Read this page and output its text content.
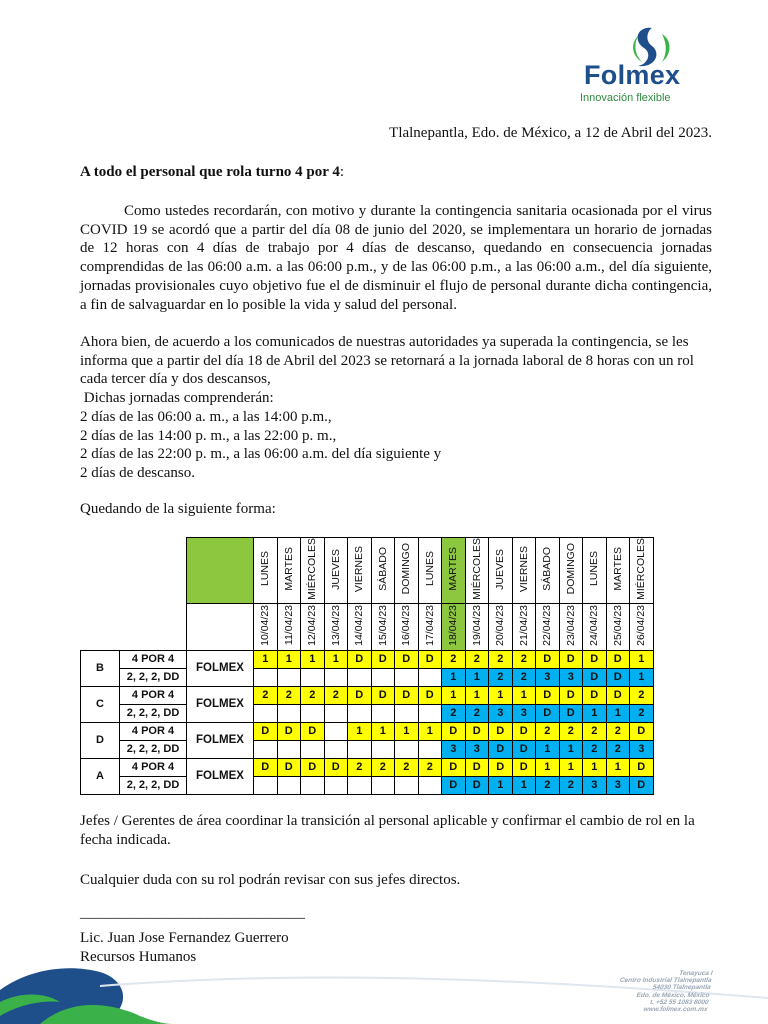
Folmex
Innovación flexible
Tlalnepantla, Edo. de México, a 12 de Abril del 2023.
A todo el personal que rola turno 4 por 4:
Como ustedes recordarán, con motivo y durante la contingencia sanitaria ocasionada por el virus COVID 19 se acordó que a partir del día 08 de junio del 2020, se implementara un horario de jornadas de 12 horas con 4 días de trabajo por 4 días de descanso, quedando en consecuencia jornadas comprendidas de las 06:00 a.m. a las 06:00 p.m., y de las 06:00 p.m., a las 06:00 a.m., del día siguiente, jornadas provisionales cuyo objetivo fue el de disminuir el flujo de personal durante dicha contingencia, a fin de salvaguardar en lo posible la vida y salud del personal.
Ahora bien, de acuerdo a los comunicados de nuestras autoridades ya superada la contingencia, se les informa que a partir del día 18 de Abril del 2023 se retornará a la jornada laboral de 8 horas con un rol cada tercer día y dos descansos,
Dichas jornadas comprenderán:
2 días de las 06:00 a. m., a las 14:00 p.m.,
2 días de las 14:00 p. m., a las 22:00 p. m.,
2 días de las 22:00 p. m., a las 06:00 a.m. del día siguiente y
2 días de descanso.
Quedando de la siguiente forma:
			LUNES	MARTES	MIÉRCOLES	JUEVES	VIERNES	SÁBADO	DOMINGO	LUNES	MARTES	MIÉRCOLES	JUEVES	VIERNES	SÁBADO	DOMINGO	LUNES	MARTES	MIÉRCOLES
			10/04/23	11/04/23	12/04/23	13/04/23	14/04/23	15/04/23	16/04/23	17/04/23	18/04/23	19/04/23	20/04/23	21/04/23	22/04/23	23/04/23	24/04/23	25/04/23	26/04/23
B	4 POR 4	FOLMEX	1	1	1	1	D	D	D	D	2	2	2	2	D	D	D	D	1
	2, 2, 2, DD										1	1	2	2	3	3	D	D	1
C	4 POR 4	FOLMEX	2	2	2	2	D	D	D	D	1	1	1	1	D	D	D	D	2
	2, 2, 2, DD										2	2	3	3	D	D	1	1	2
D	4 POR 4	FOLMEX	D	D	D		1	1	1	1	D	D	D	D	2	2	2	2	D
	2, 2, 2, DD										3	3	D	D	1	1	2	2	3
A	4 POR 4	FOLMEX	D	D	D	D	2	2	2	2	D	D	D	D	1	1	1	1	D
	2, 2, 2, DD										D	D	1	1	2	2	3	3	D
Jefes / Gerentes de área coordinar la transición al personal aplicable y confirmar el cambio de rol en la fecha indicada.
Cualquier duda con su rol podrán revisar con sus jefes directos.
______________________________
Lic. Juan Jose Fernandez Guerrero
Recursos Humanos
Tenayuca I
Centro Industrial Tlalnepantla
54030 Tlalnepantla
Edo. de México, México
t. +52 55 1083 8000
www.folmex.com.mx
